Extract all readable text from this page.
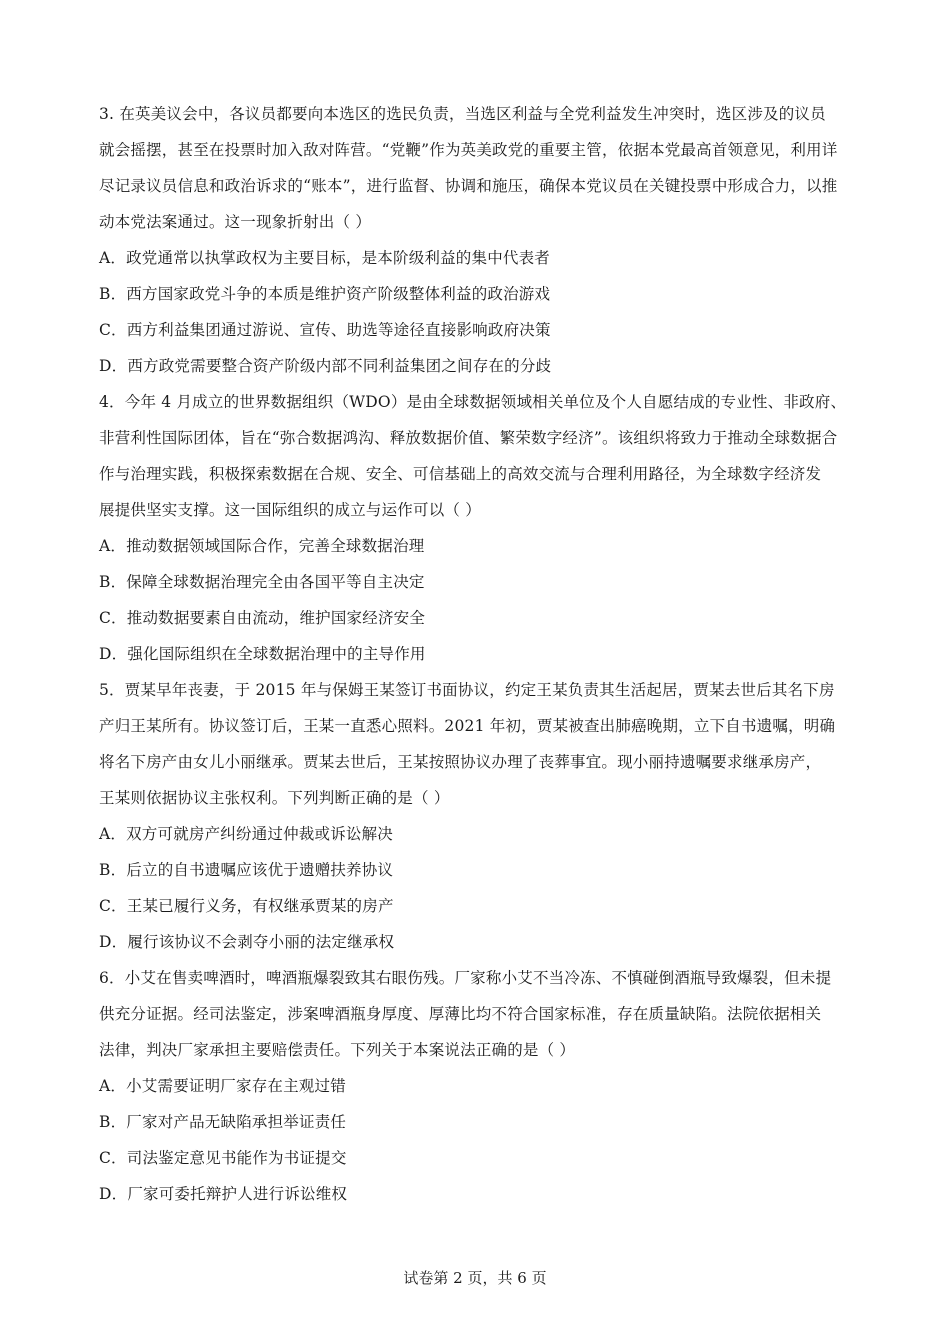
3. 在英美议会中，各议员都要向本选区的选民负责，当选区利益与全党利益发生冲突时，选区涉及的议员
就会摇摆，甚至在投票时加入敌对阵营。“党鞭”作为英美政党的重要主管，依据本党最高首领意见，利用详
尽记录议员信息和政治诉求的“账本”，进行监督、协调和施压，确保本党议员在关键投票中形成合力，以推
动本党法案通过。这一现象折射出（ ）
A．政党通常以执掌政权为主要目标，是本阶级利益的集中代表者
B．西方国家政党斗争的本质是维护资产阶级整体利益的政治游戏
C．西方利益集团通过游说、宣传、助选等途径直接影响政府决策
D．西方政党需要整合资产阶级内部不同利益集团之间存在的分歧
4．今年 4 月成立的世界数据组织（WDO）是由全球数据领域相关单位及个人自愿结成的专业性、非政府、
非营利性国际团体，旨在“弥合数据鸿沟、释放数据价值、繁荣数字经济”。该组织将致力于推动全球数据合
作与治理实践，积极探索数据在合规、安全、可信基础上的高效交流与合理利用路径，为全球数字经济发
展提供坚实支撑。这一国际组织的成立与运作可以（ ）
A．推动数据领域国际合作，完善全球数据治理
B．保障全球数据治理完全由各国平等自主决定
C．推动数据要素自由流动，维护国家经济安全
D．强化国际组织在全球数据治理中的主导作用
5．贾某早年丧妻，于 2015 年与保姆王某签订书面协议，约定王某负责其生活起居，贾某去世后其名下房
产归王某所有。协议签订后，王某一直悉心照料。2021 年初，贾某被查出肺癌晚期，立下自书遗嘱，明确
将名下房产由女儿小丽继承。贾某去世后，王某按照协议办理了丧葬事宜。现小丽持遗嘱要求继承房产，
王某则依据协议主张权利。下列判断正确的是（ ）
A．双方可就房产纠纷通过仲裁或诉讼解决
B．后立的自书遗嘱应该优于遗赠扶养协议
C．王某已履行义务，有权继承贾某的房产
D．履行该协议不会剥夺小丽的法定继承权
6．小艾在售卖啤酒时，啤酒瓶爆裂致其右眼伤残。厂家称小艾不当冷冻、不慎碰倒酒瓶导致爆裂，但未提
供充分证据。经司法鉴定，涉案啤酒瓶身厚度、厚薄比均不符合国家标准，存在质量缺陷。法院依据相关
法律，判决厂家承担主要赔偿责任。下列关于本案说法正确的是（ ）
A．小艾需要证明厂家存在主观过错
B．厂家对产品无缺陷承担举证责任
C．司法鉴定意见书能作为书证提交
D．厂家可委托辩护人进行诉讼维权
试卷第 2 页，共 6 页
